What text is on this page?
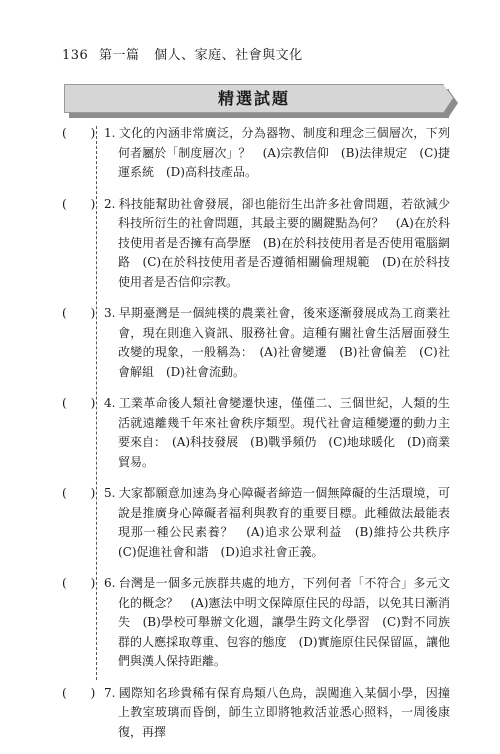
136 第一篇 個人、家庭、社會與文化
精選試題
(　　) 1. 文化的內涵非常廣泛，分為器物、制度和理念三個層次，下列何者屬於「制度層次」？　(A)宗教信仰　(B)法律規定　(C)捷運系統　(D)高科技產品。
(　　) 2. 科技能幫助社會發展，卻也能衍生出許多社會問題，若欲減少科技所衍生的社會問題，其最主要的關鍵點為何？　(A)在於科技使用者是否擁有高學歷　(B)在於科技使用者是否使用電腦網路　(C)在於科技使用者是否遵循相關倫理規範　(D)在於科技使用者是否信仰宗教。
(　　) 3. 早期臺灣是一個純樸的農業社會，後來逐漸發展成為工商業社會，現在則進入資訊、服務社會。這種有關社會生活層面發生改變的現象，一般稱為：　(A)社會變遷　(B)社會偏差　(C)社會解組　(D)社會流動。
(　　) 4. 工業革命後人類社會變遷快速，僅僅二、三個世紀，人類的生活就遠離幾千年來社會秩序類型。現代社會這種變遷的動力主要來自：　(A)科技發展　(B)戰爭頻仍　(C)地球暖化　(D)商業貿易。
(　　) 5. 大家都願意加速為身心障礙者締造一個無障礙的生活環境，可說是推廣身心障礙者福利與教育的重要目標。此種做法最能表現那一種公民素養？　(A)追求公眾利益　(B)維持公共秩序　(C)促進社會和諧　(D)追求社會正義。
(　　) 6. 台灣是一個多元族群共處的地方，下列何者「不符合」多元文化的概念？　(A)憲法中明文保障原住民的母語，以免其日漸消失　(B)學校可舉辦文化週，讓學生跨文化學習　(C)對不同族群的人應採取尊重、包容的態度　(D)實施原住民保留區，讓他們與漢人保持距離。
(　　) 7. 國際知名珍貴稀有保育鳥類八色鳥，誤闖進入某個小學，因撞上教室玻璃而昏倒，師生立即將牠救活並悉心照料，一周後康復，再擇
